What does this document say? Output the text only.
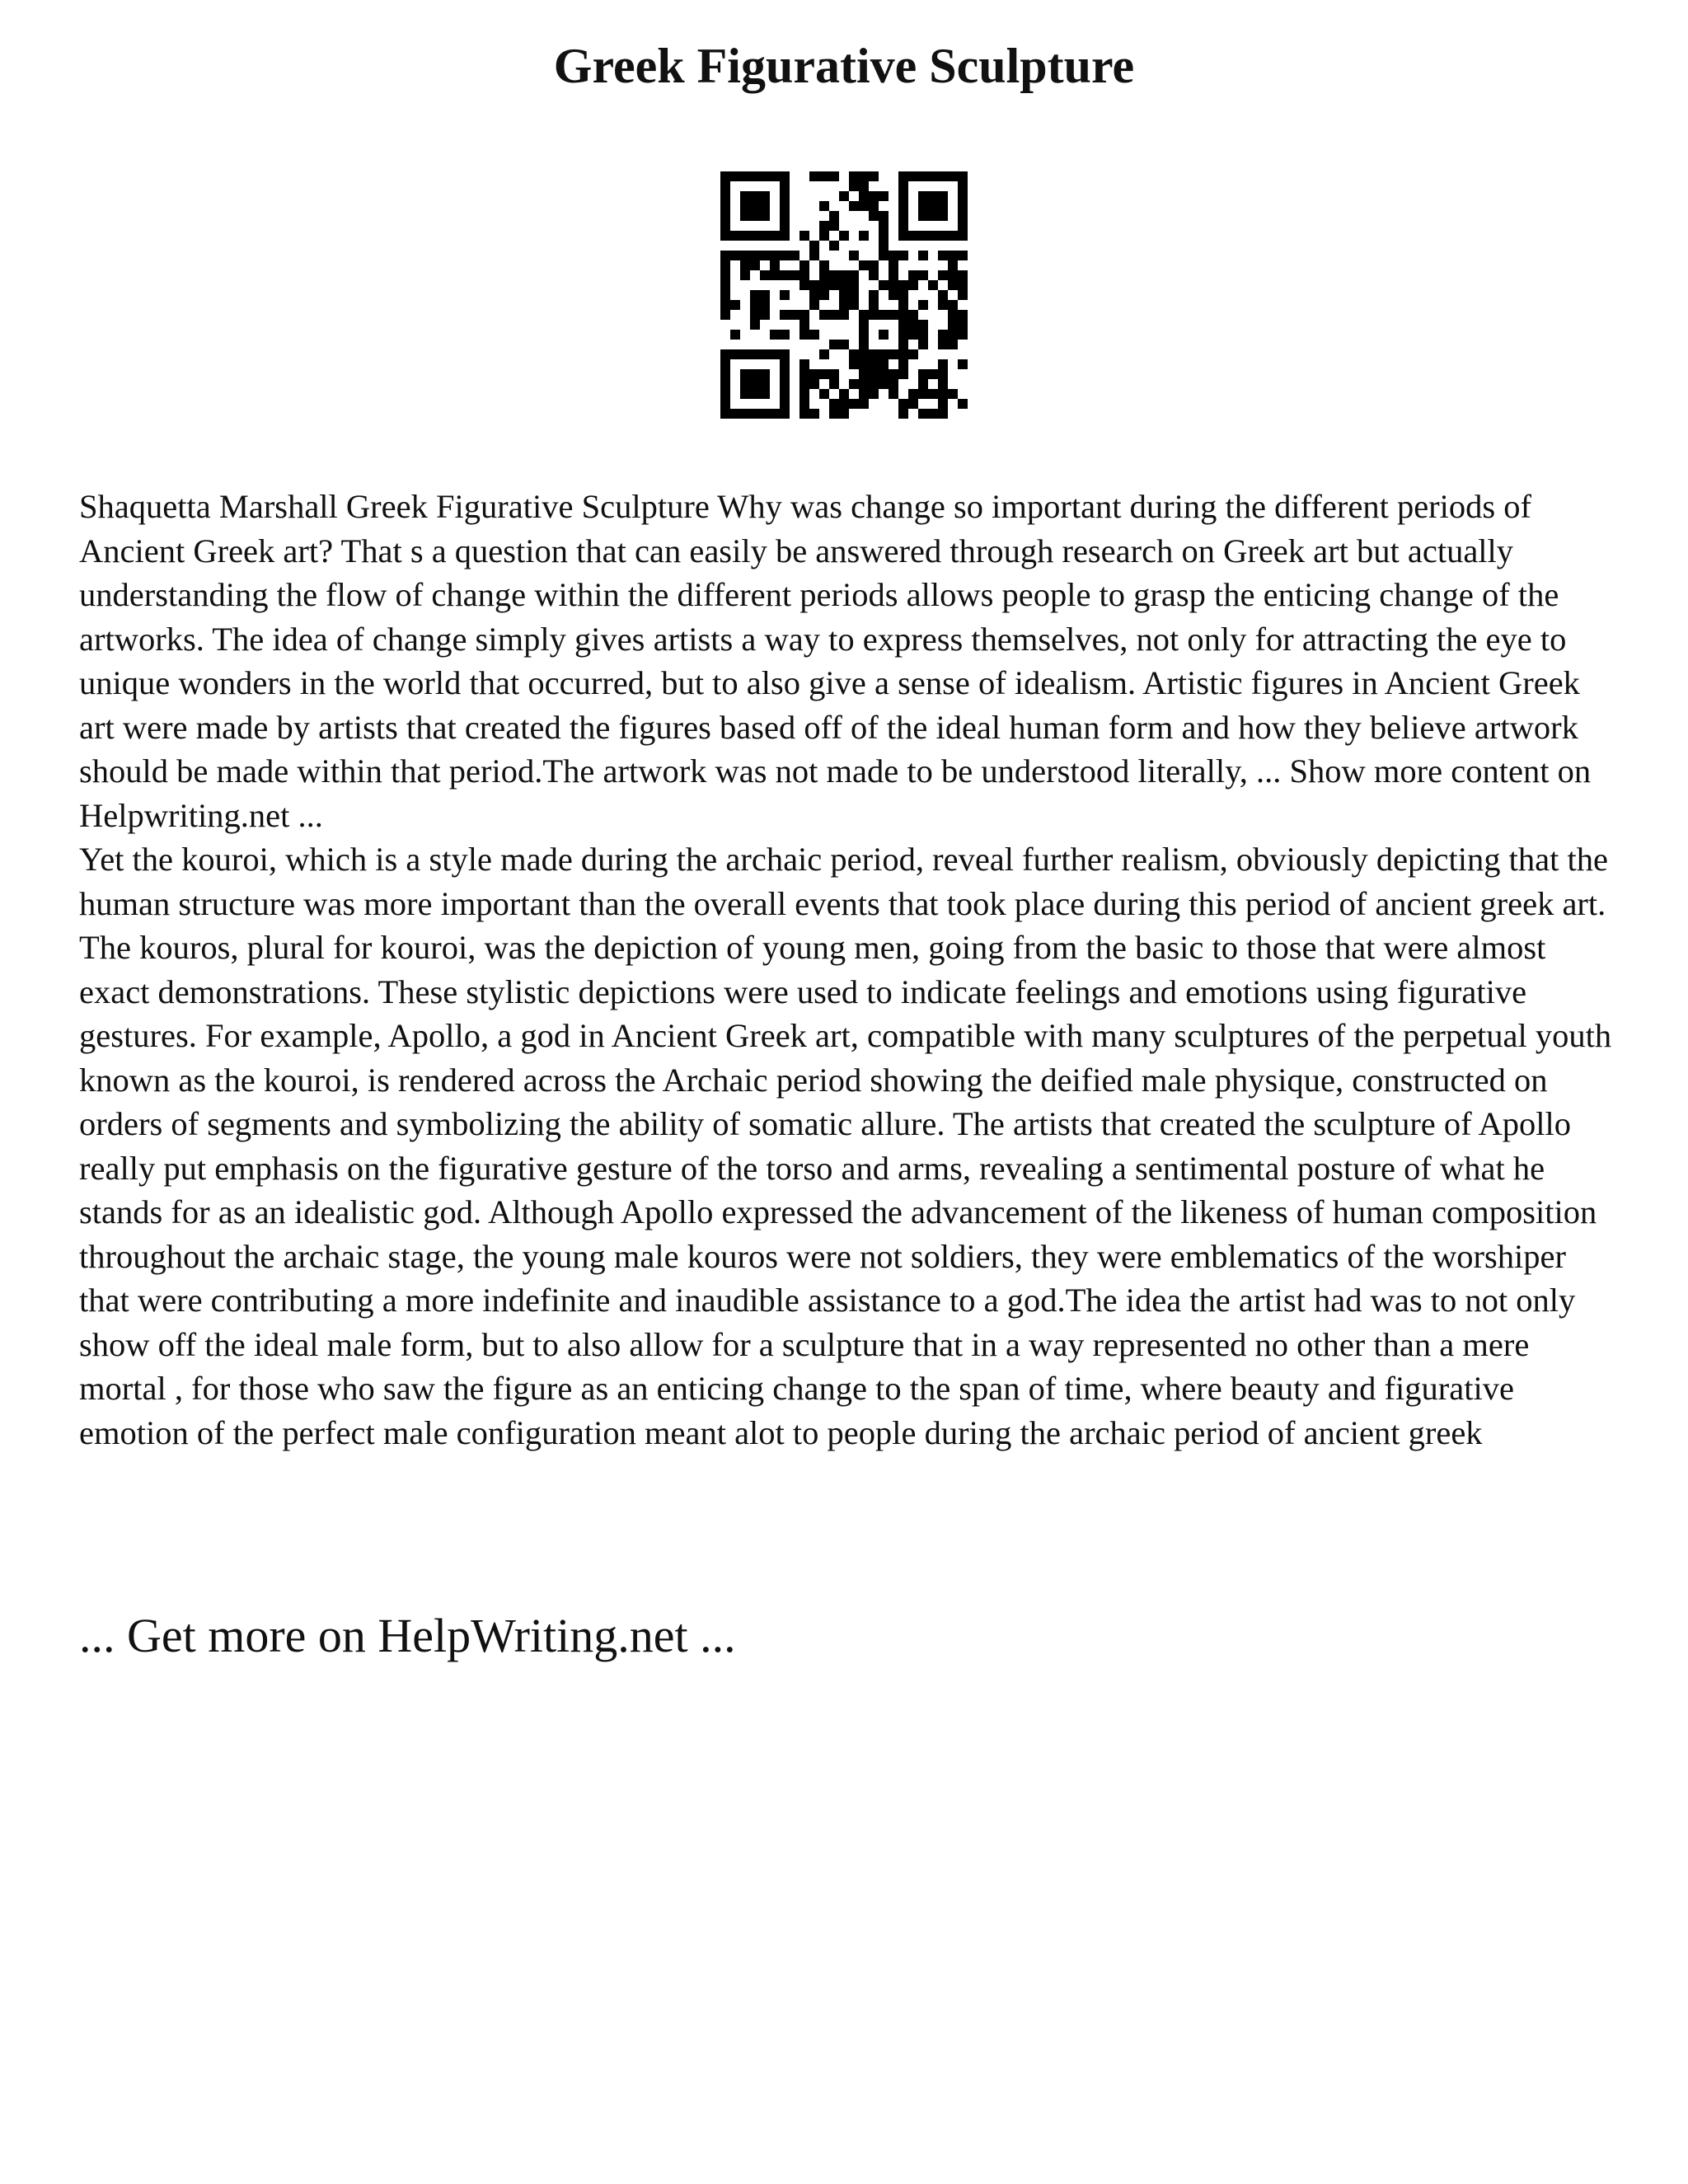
Greek Figurative Sculpture

Shaquetta Marshall Greek Figurative Sculpture Why was change so important during the different periods of Ancient Greek art? That s a question that can easily be answered through research on Greek art but actually understanding the flow of change within the different periods allows people to grasp the enticing change of the artworks. The idea of change simply gives artists a way to express themselves, not only for attracting the eye to unique wonders in the world that occurred, but to also give a sense of idealism. Artistic figures in Ancient Greek art were made by artists that created the figures based off of the ideal human form and how they believe artwork should be made within that period.The artwork was not made to be understood literally, ... Show more content on Helpwriting.net ...

Yet the kouroi, which is a style made during the archaic period, reveal further realism, obviously depicting that the human structure was more important than the overall events that took place during this period of ancient greek art. The kouros, plural for kouroi, was the depiction of young men, going from the basic to those that were almost exact demonstrations. These stylistic depictions were used to indicate feelings and emotions using figurative gestures. For example, Apollo, a god in Ancient Greek art, compatible with many sculptures of the perpetual youth known as the kouroi, is rendered across the Archaic period showing the deified male physique, constructed on orders of segments and symbolizing the ability of somatic allure. The artists that created the sculpture of Apollo really put emphasis on the figurative gesture of the torso and arms, revealing a sentimental posture of what he stands for as an idealistic god. Although Apollo expressed the advancement of the likeness of human composition throughout the archaic stage, the young male kouros were not soldiers, they were emblematics of the worshiper that were contributing a more indefinite and inaudible assistance to a god.The idea the artist had was to not only show off the ideal male form, but to also allow for a sculpture that in a way represented no other than a mere mortal , for those who saw the figure as an enticing change to the span of time, where beauty and figurative emotion of the perfect male configuration meant alot to people during the archaic period of ancient greek

... Get more on HelpWriting.net ...
